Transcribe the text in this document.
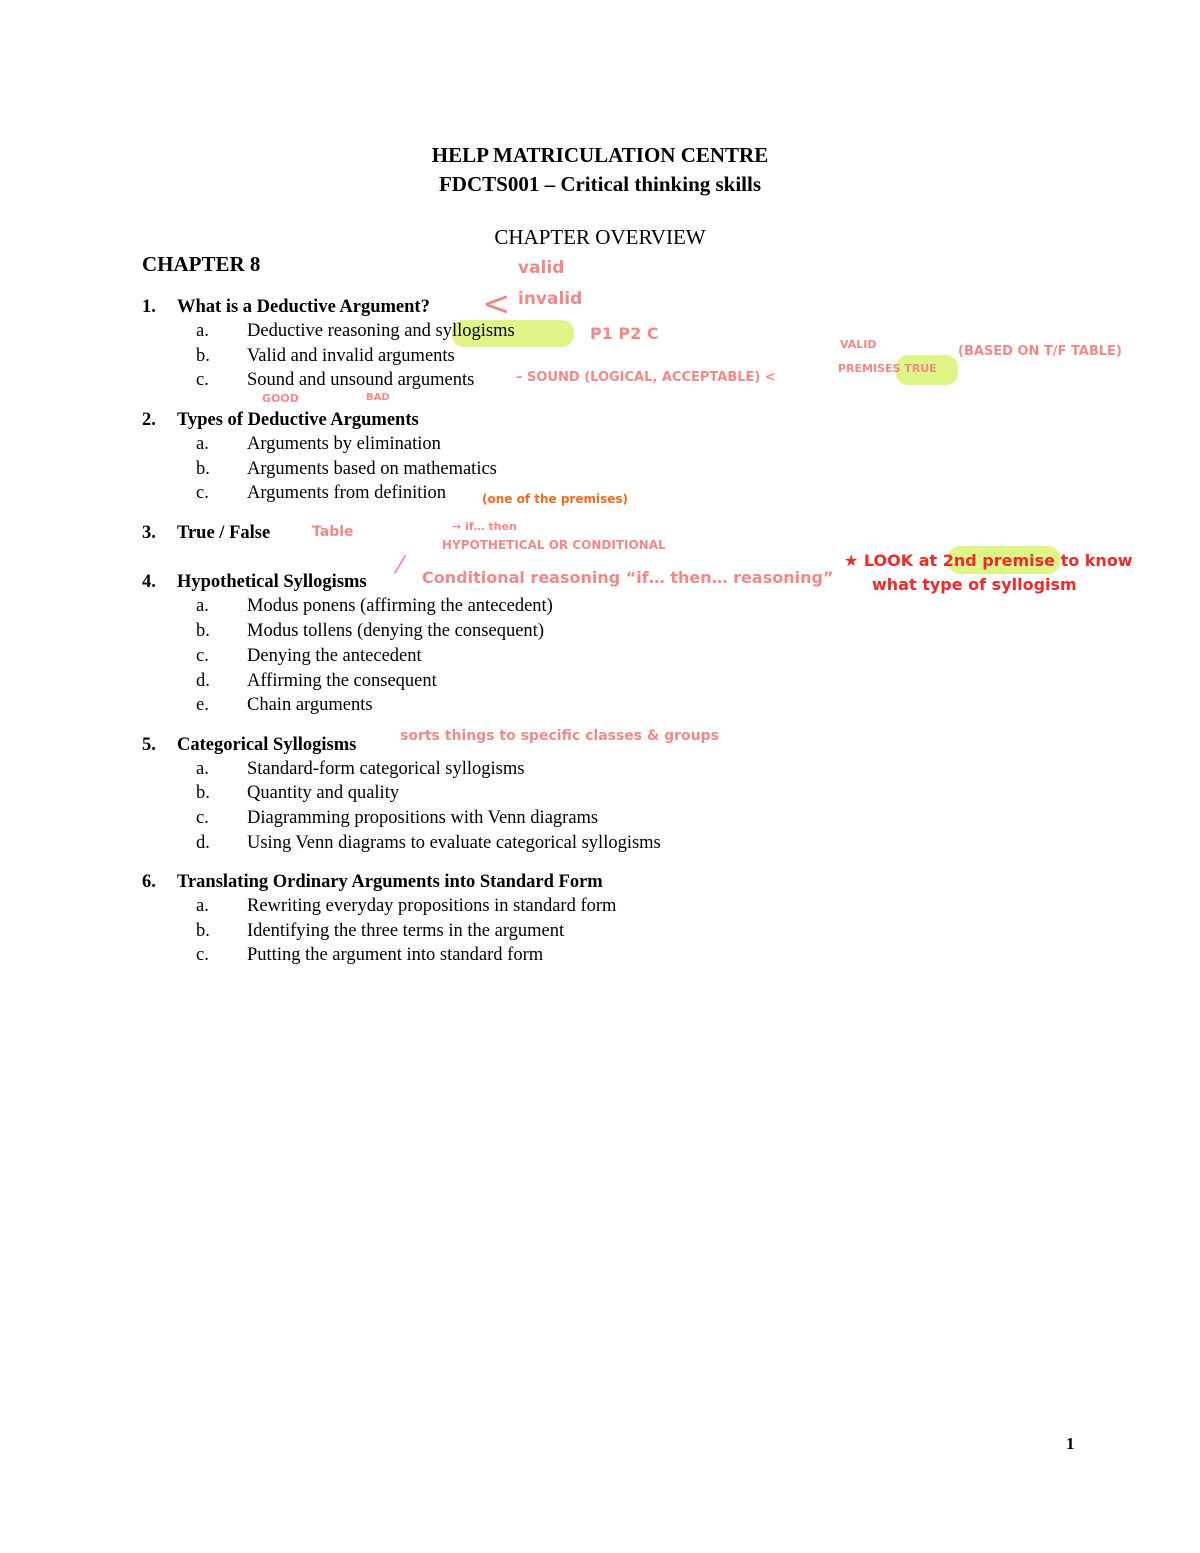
HELP MATRICULATION CENTRE
FDCTS001 – Critical thinking skills
CHAPTER OVERVIEW
CHAPTER 8
1. What is a Deductive Argument?
a. Deductive reasoning and syllogisms
b. Valid and invalid arguments
c. Sound and unsound arguments
2. Types of Deductive Arguments
a. Arguments by elimination
b. Arguments based on mathematics
c. Arguments from definition
3. True / False
4. Hypothetical Syllogisms
a. Modus ponens (affirming the antecedent)
b. Modus tollens (denying the consequent)
c. Denying the antecedent
d. Affirming the consequent
e. Chain arguments
5. Categorical Syllogisms
a. Standard-form categorical syllogisms
b. Quantity and quality
c. Diagramming propositions with Venn diagrams
d. Using Venn diagrams to evaluate categorical syllogisms
6. Translating Ordinary Arguments into Standard Form
a. Rewriting everyday propositions in standard form
b. Identifying the three terms in the argument
c. Putting the argument into standard form
<
valid
invalid
P1 P2 C
VALID
PREMISES TRUE
– SOUND (LOGICAL, ACCEPTABLE) <
(BASED ON T/F TABLE)
GOOD	BAD
(one of the premises)
→ if… then
Table
HYPOTHETICAL OR CONDITIONAL
⁄ Conditional reasoning “if… then… reasoning”
★ LOOK at 2nd premise to know
what type of syllogism
sorts things to specific classes & groups
1
